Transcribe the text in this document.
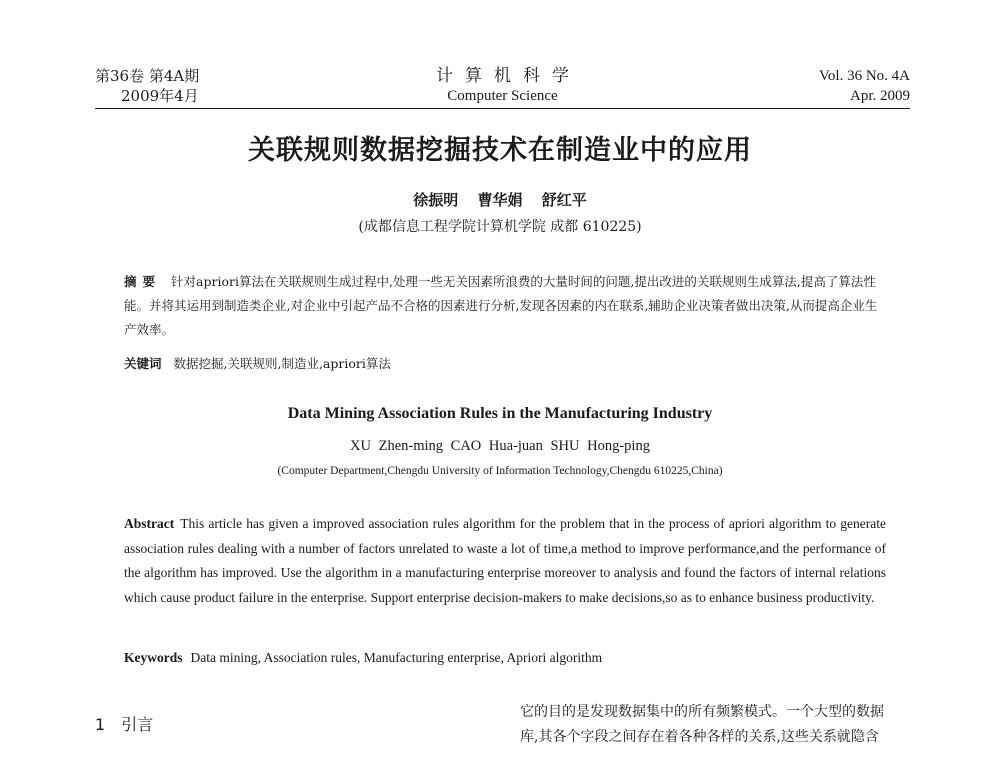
第36卷 第4A期
2009年4月
计算机科学
Computer Science
Vol. 36 No. 4A
Apr. 2009
关联规则数据挖掘技术在制造业中的应用
徐振明 曹华娟 舒红平
(成都信息工程学院计算机学院 成都 610225)
摘要 针对apriori算法在关联规则生成过程中,处理一些无关因素所浪费的大量时间的问题,提出改进的关联规则生成算法,提高了算法性能。并将其运用到制造类企业,对企业中引起产品不合格的因素进行分析,发现各因素的内在联系,辅助企业决策者做出决策,从而提高企业生产效率。
关键词 数据挖掘,关联规则,制造业,apriori算法
Data Mining Association Rules in the Manufacturing Industry
XU Zhen-ming CAO Hua-juan SHU Hong-ping
(Computer Department,Chengdu University of Information Technology,Chengdu 610225,China)
Abstract This article has given a improved association rules algorithm for the problem that in the process of apriori algorithm to generate association rules dealing with a number of factors unrelated to waste a lot of time,a method to improve performance,and the performance of the algorithm has improved. Use the algorithm in a manufacturing enterprise moreover to analysis and found the factors of internal relations which cause product failure in the enterprise. Support enterprise decision-makers to make decisions,so as to enhance business productivity.
Keywords Data mining, Association rules, Manufacturing enterprise, Apriori algorithm
1 引言
它的目的是发现数据集中的所有频繁模式。一个大型的数据
库,其各个字段之间存在着各种各样的关系,这些关系就隐含
